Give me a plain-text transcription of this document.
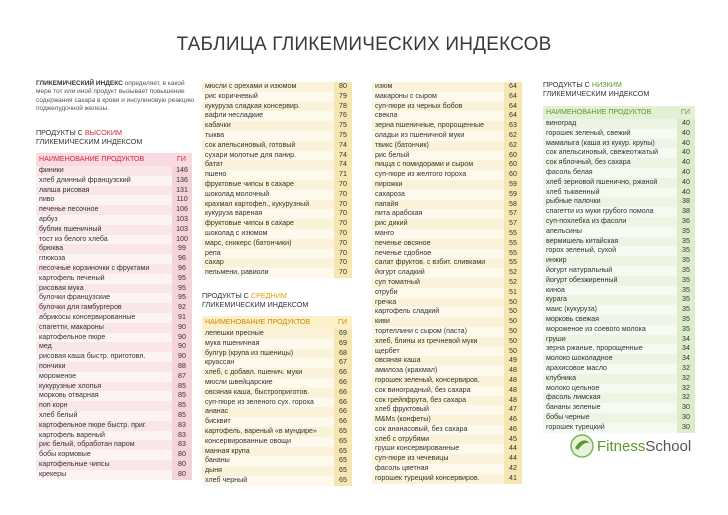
ТАБЛИЦА ГЛИКЕМИЧЕСКИХ ИНДЕКСОВ
ГЛИКЕМИЧЕСКИЙ ИНДЕКС определяет, в какой мере тот или иной продукт вызывает повышение содержания сахара в крови и инсулиновую реакцию поджелудочной железы.
ПРОДУКТЫ С ВЫСОКИМ
ГЛИКЕМИЧЕСКИМ ИНДЕКСОМ
НАИМЕНОВАНИЕ ПРОДУКТОВ	ГИ
финики	146
хлеб длинный французский	136
лапша рисовая	131
пиво	110
печенье песочное	106
арбуз	103
бублик пшеничный	103
тост из белого хлеба	100
брюква	99
глюкоза	96
песочные корзиночки с фруктами	96
картофель печеный	95
рисовая мука	95
булочки французские	95
булочки для гамбургеров	92
абрикосы консервированные	91
спагетти, макароны	90
картофельное пюре	90
мед	90
рисовая каша быстр. приготовл.	90
пончики	88
мороженое	87
кукурузные хлопья	85
морковь отварная	85
поп корн	85
хлеб белый	85
картофельное пюре быстр. приг.	83
картофель вареный	83
рис белый, обработан паром	83
бобы кормовые	80
картофельные чипсы	80
крекеры	80
мюсли с орехами и изюмом	80
рис коричневый	79
кукуруза сладкая консервир.	78
вафли несладкие	76
кабачки	75
тыква	75
сок апельсиновый, готовый	74
сухари молотые для панир.	74
батат	74
пшено	71
фруктовые чипсы в сахаре	70
шоколад молочный	70
крахмал картофел., кукурузный	70
кукуруза вареная	70
фруктовые чипсы в сахаре	70
шоколад с изюмом	70
марс, сникерс (батончики)	70
репа	70
сахар	70
пельмени, равиоли	70
ПРОДУКТЫ С СРЕДНИМ
ГЛИКЕМИЧЕСКИМ ИНДЕКСОМ
НАИМЕНОВАНИЕ ПРОДУКТОВ	ГИ
лепешки пресные	69
мука пшеничная	69
булгур (крупа из пшеницы)	68
круассан	67
хлеб, с добавл. пшенич. муки	66
мюсли швейцарские	66
овсяная каша, быстроприготов.	66
суп-пюре из зеленого сух. гороха	66
ананас	66
бисквит	66
картофель, вареный «в мундире»	65
консервированные овощи	65
манная крупа	65
бананы	65
дыня	65
хлеб черный	65
изюм	64
макароны с сыром	64
суп-пюре из черных бобов	64
свекла	64
зерна пшеничные, пророщенные	63
оладьи из пшеничной муки	62
твикс (батончик)	62
рис белый	60
пицца с помидорами и сыром	60
суп-пюре из желтого гороха	60
пирожки	59
сахароза	59
папайя	58
пита арабская	57
рис дикий	57
манго	55
печенье овсяное	55
печенье сдобное	55
салат фруктов. с взбит. сливками	55
йогурт сладкий	52
суп томатный	52
отруби	51
гречка	50
картофель сладкий	50
киви	50
тортеллини с сыром (паста)	50
хлеб, блины из гречневой муки	50
щербет	50
овсяная каша	49
амилоза (крахмал)	48
горошек зеленый, консервиров.	48
сок виноградный, без сахара	48
сок грейпфрута, без сахара	48
хлеб фруктовый	47
M&Ms (конфеты)	46
сок ананасовый, без сахара	46
хлеб с отрубями	45
груши консервированные	44
суп-пюре из чечевицы	44
фасоль цветная	42
горошек турецкий консервиров.	41
ПРОДУКТЫ С НИЗКИМ
ГЛИКЕМИЧЕСКИМ ИНДЕКСОМ
НАИМЕНОВАНИЕ ПРОДУКТОВ	ГИ
виноград	40
горошек зеленый, свежий	40
мамалыга (каша из кукур. крупы)	40
сок апельсиновый, свежеотжатый	40
сок яблочный, без сахара	40
фасоль белая	40
хлеб зерновой пшенично, ржаной	40
хлеб тыквенный	40
рыбные палочки	38
спагетти из муки грубого помола	38
суп-похлебка из фасоли	36
апельсины	35
вермишель китайская	35
горох зеленый, сухой	35
инжир	35
йогурт натуральный	35
йогурт обезжиренный	35
киноа	35
курага	35
маис (кукуруза)	35
морковь свежая	35
мороженое из соевого молока	35
груши	34
зерна ржаные, пророщенные	34
молоко шоколадное	34
арахисовое масло	32
клубника	32
молоко цельное	32
фасоль лимская	32
бананы зеленые	30
бобы черные	30
горошек турецкий	30
FitnessSchool
